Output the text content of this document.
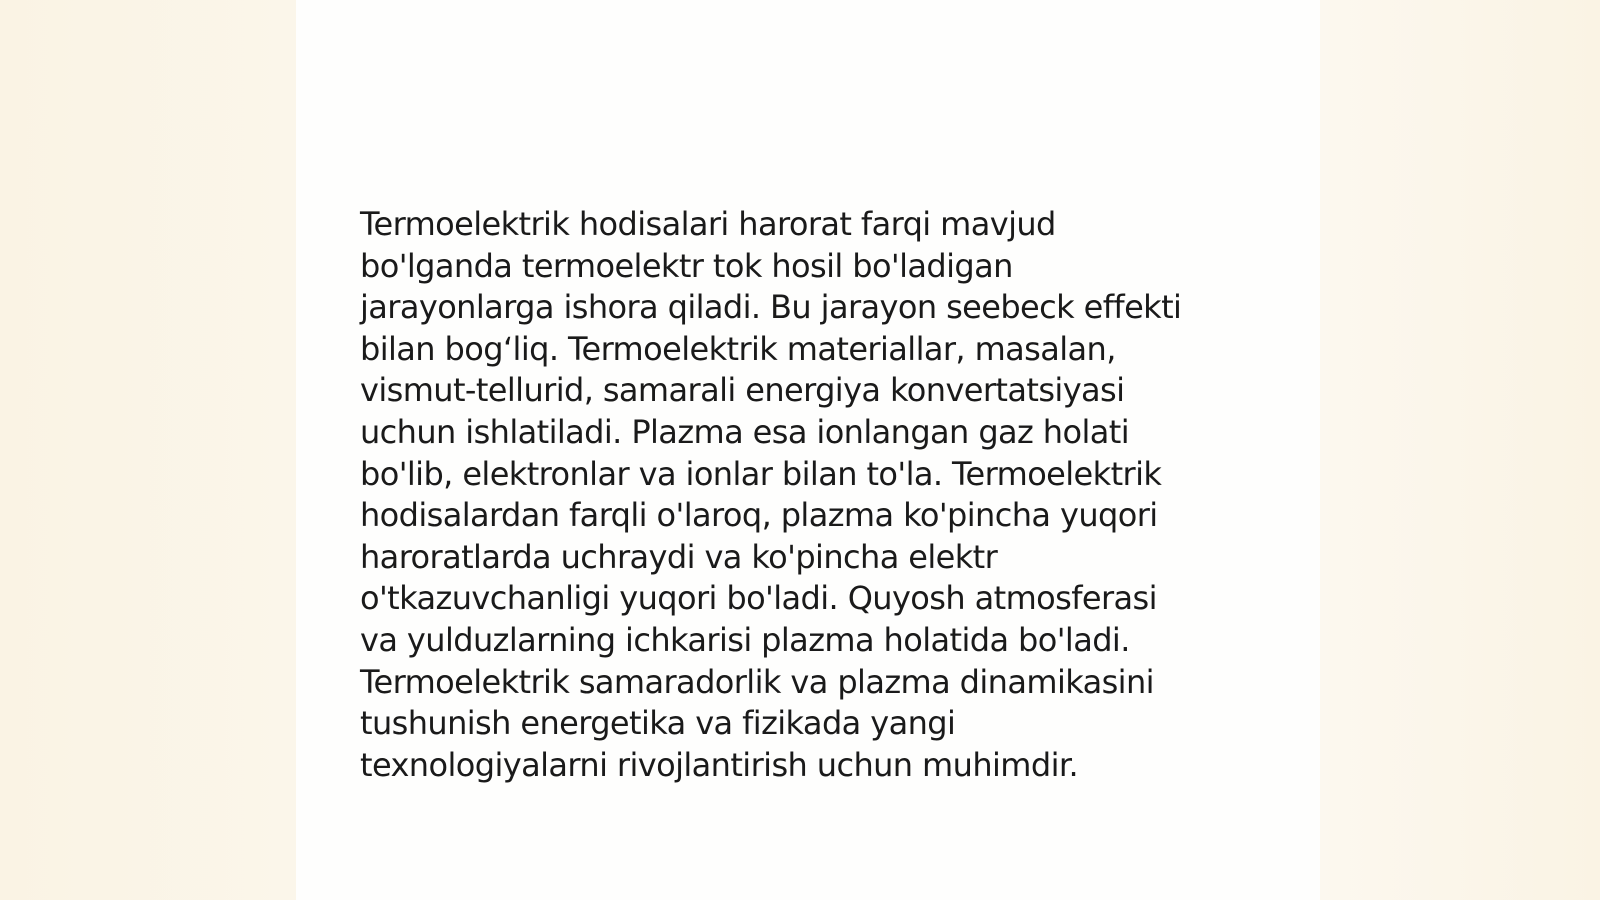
Termoelektrik hodisalari harorat farqi mavjud
bo'lganda termoelektr tok hosil bo'ladigan
jarayonlarga ishora qiladi. Bu jarayon seebeck effekti
bilan bog‘liq. Termoelektrik materiallar, masalan,
vismut-tellurid, samarali energiya konvertatsiyasi
uchun ishlatiladi. Plazma esa ionlangan gaz holati
bo'lib, elektronlar va ionlar bilan to'la. Termoelektrik
hodisalardan farqli o'laroq, plazma ko'pincha yuqori
haroratlarda uchraydi va ko'pincha elektr
o'tkazuvchanligi yuqori bo'ladi. Quyosh atmosferasi
va yulduzlarning ichkarisi plazma holatida bo'ladi.
Termoelektrik samaradorlik va plazma dinamikasini
tushunish energetika va fizikada yangi
texnologiyalarni rivojlantirish uchun muhimdir.
